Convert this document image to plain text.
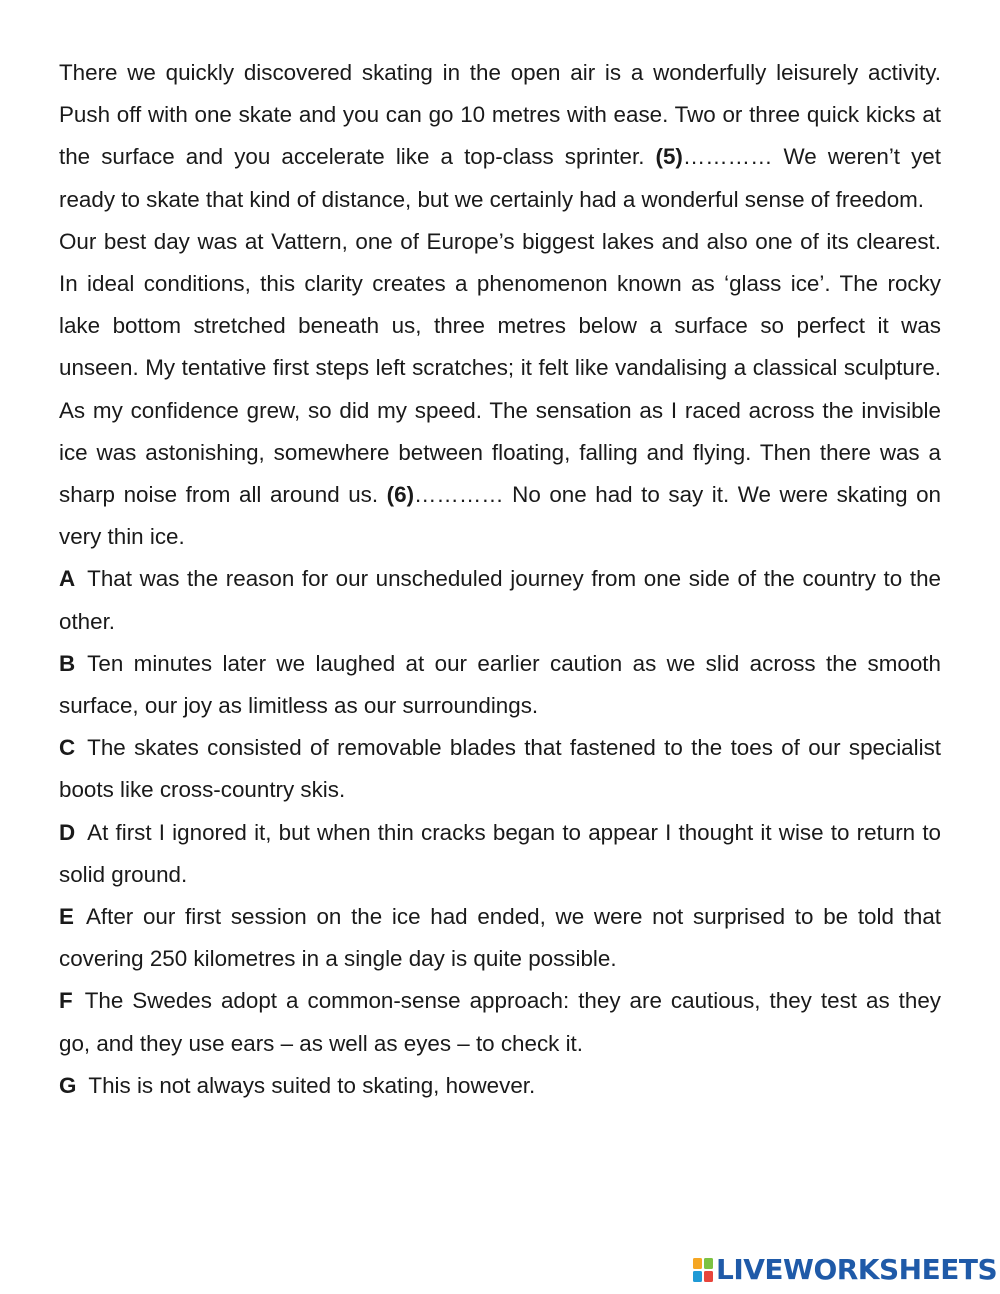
There we quickly discovered skating in the open air is a wonderfully leisurely activity. Push off with one skate and you can go 10 metres with ease. Two or three quick kicks at the surface and you accelerate like a top-class sprinter. (5)………… We weren’t yet ready to skate that kind of distance, but we certainly had a wonderful sense of freedom.

Our best day was at Vattern, one of Europe’s biggest lakes and also one of its clearest. In ideal conditions, this clarity creates a phenomenon known as ‘glass ice’. The rocky lake bottom stretched beneath us, three metres below a surface so perfect it was unseen. My tentative first steps left scratches; it felt like vandalising a classical sculpture. As my confidence grew, so did my speed. The sensation as I raced across the invisible ice was astonishing, somewhere between floating, falling and flying. Then there was a sharp noise from all around us. (6)………… No one had to say it. We were skating on very thin ice.

A That was the reason for our unscheduled journey from one side of the country to the other.

B Ten minutes later we laughed at our earlier caution as we slid across the smooth surface, our joy as limitless as our surroundings.

C The skates consisted of removable blades that fastened to the toes of our specialist boots like cross-country skis.

D At first I ignored it, but when thin cracks began to appear I thought it wise to return to solid ground.

E After our first session on the ice had ended, we were not surprised to be told that covering 250 kilometres in a single day is quite possible.

F The Swedes adopt a common-sense approach: they are cautious, they test as they go, and they use ears – as well as eyes – to check it.

G This is not always suited to skating, however.

LIVEWORKSHEETS
